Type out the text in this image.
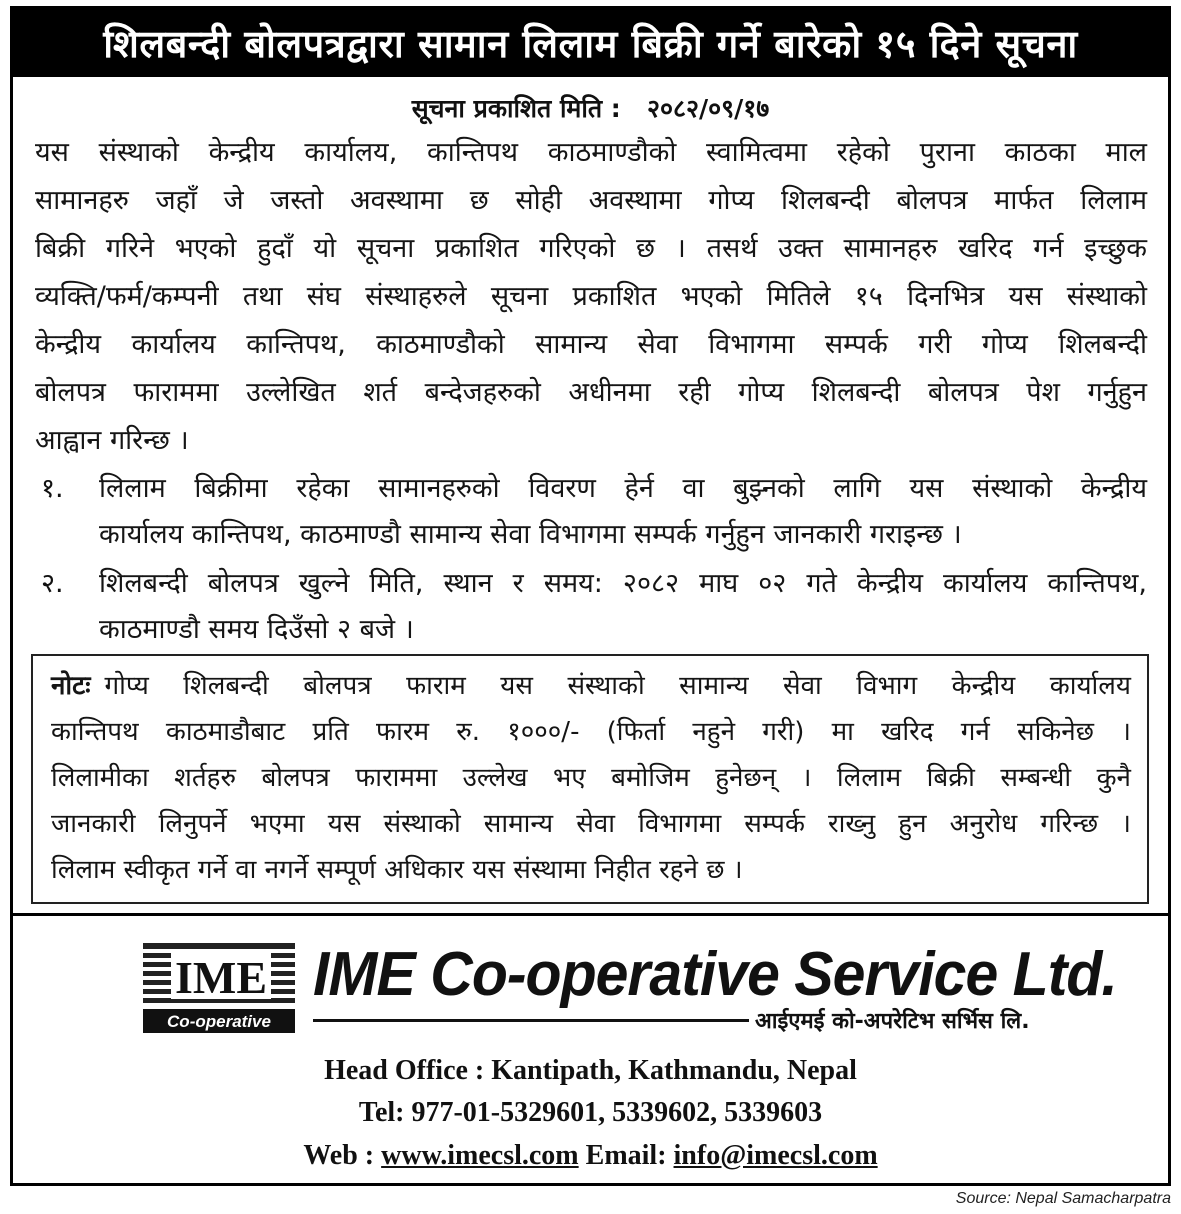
शिलबन्दी बोलपत्रद्वारा सामान लिलाम बिक्री गर्ने बारेको १५ दिने सूचना
सूचना प्रकाशित मिति : २०८२/०९/१७
यस संस्थाको केन्द्रीय कार्यालय, कान्तिपथ काठमाण्डौको स्वामित्वमा रहेको पुराना काठका माल
सामानहरु जहाँ जे जस्तो अवस्थामा छ सोही अवस्थामा गोप्य शिलबन्दी बोलपत्र मार्फत लिलाम
बिक्री गरिने भएको हुदाँ यो सूचना प्रकाशित गरिएको छ । तसर्थ उक्त सामानहरु खरिद गर्न इच्छुक
व्यक्ति/फर्म/कम्पनी तथा संघ संस्थाहरुले सूचना प्रकाशित भएको मितिले १५ दिनभित्र यस संस्थाको
केन्द्रीय कार्यालय कान्तिपथ, काठमाण्डौको सामान्य सेवा विभागमा सम्पर्क गरी गोप्य शिलबन्दी
बोलपत्र फाराममा उल्लेखित शर्त बन्देजहरुको अधीनमा रही गोप्य शिलबन्दी बोलपत्र पेश गर्नुहुन
आह्वान गरिन्छ ।
१. लिलाम बिक्रीमा रहेका सामानहरुको विवरण हेर्न वा बुझ्नको लागि यस संस्थाको केन्द्रीय
कार्यालय कान्तिपथ, काठमाण्डौ सामान्य सेवा विभागमा सम्पर्क गर्नुहुन जानकारी गराइन्छ ।
२. शिलबन्दी बोलपत्र खुल्ने मिति, स्थान र समय: २०८२ माघ ०२ गते केन्द्रीय कार्यालय कान्तिपथ,
काठमाण्डौ समय दिउँसो २ बजे ।
नोटः गोप्य शिलबन्दी बोलपत्र फाराम यस संस्थाको सामान्य सेवा विभाग केन्द्रीय कार्यालय
कान्तिपथ काठमाडौबाट प्रति फारम रु. १०००/- (फिर्ता नहुने गरी) मा खरिद गर्न सकिनेछ ।
लिलामीका शर्तहरु बोलपत्र फाराममा उल्लेख भए बमोजिम हुनेछन् । लिलाम बिक्री सम्बन्धी कुनै
जानकारी लिनुपर्ने भएमा यस संस्थाको सामान्य सेवा विभागमा सम्पर्क राख्नु हुन अनुरोध गरिन्छ ।
लिलाम स्वीकृत गर्ने वा नगर्ने सम्पूर्ण अधिकार यस संस्थामा निहीत रहने छ ।
IME
Co-operative
IME Co-operative Service Ltd.
आईएमई को-अपरेटिभ सर्भिस लि.
Head Office : Kantipath, Kathmandu, Nepal
Tel: 977-01-5329601, 5339602, 5339603
Web : www.imecsl.com Email: info@imecsl.com
Source: Nepal Samacharpatra
